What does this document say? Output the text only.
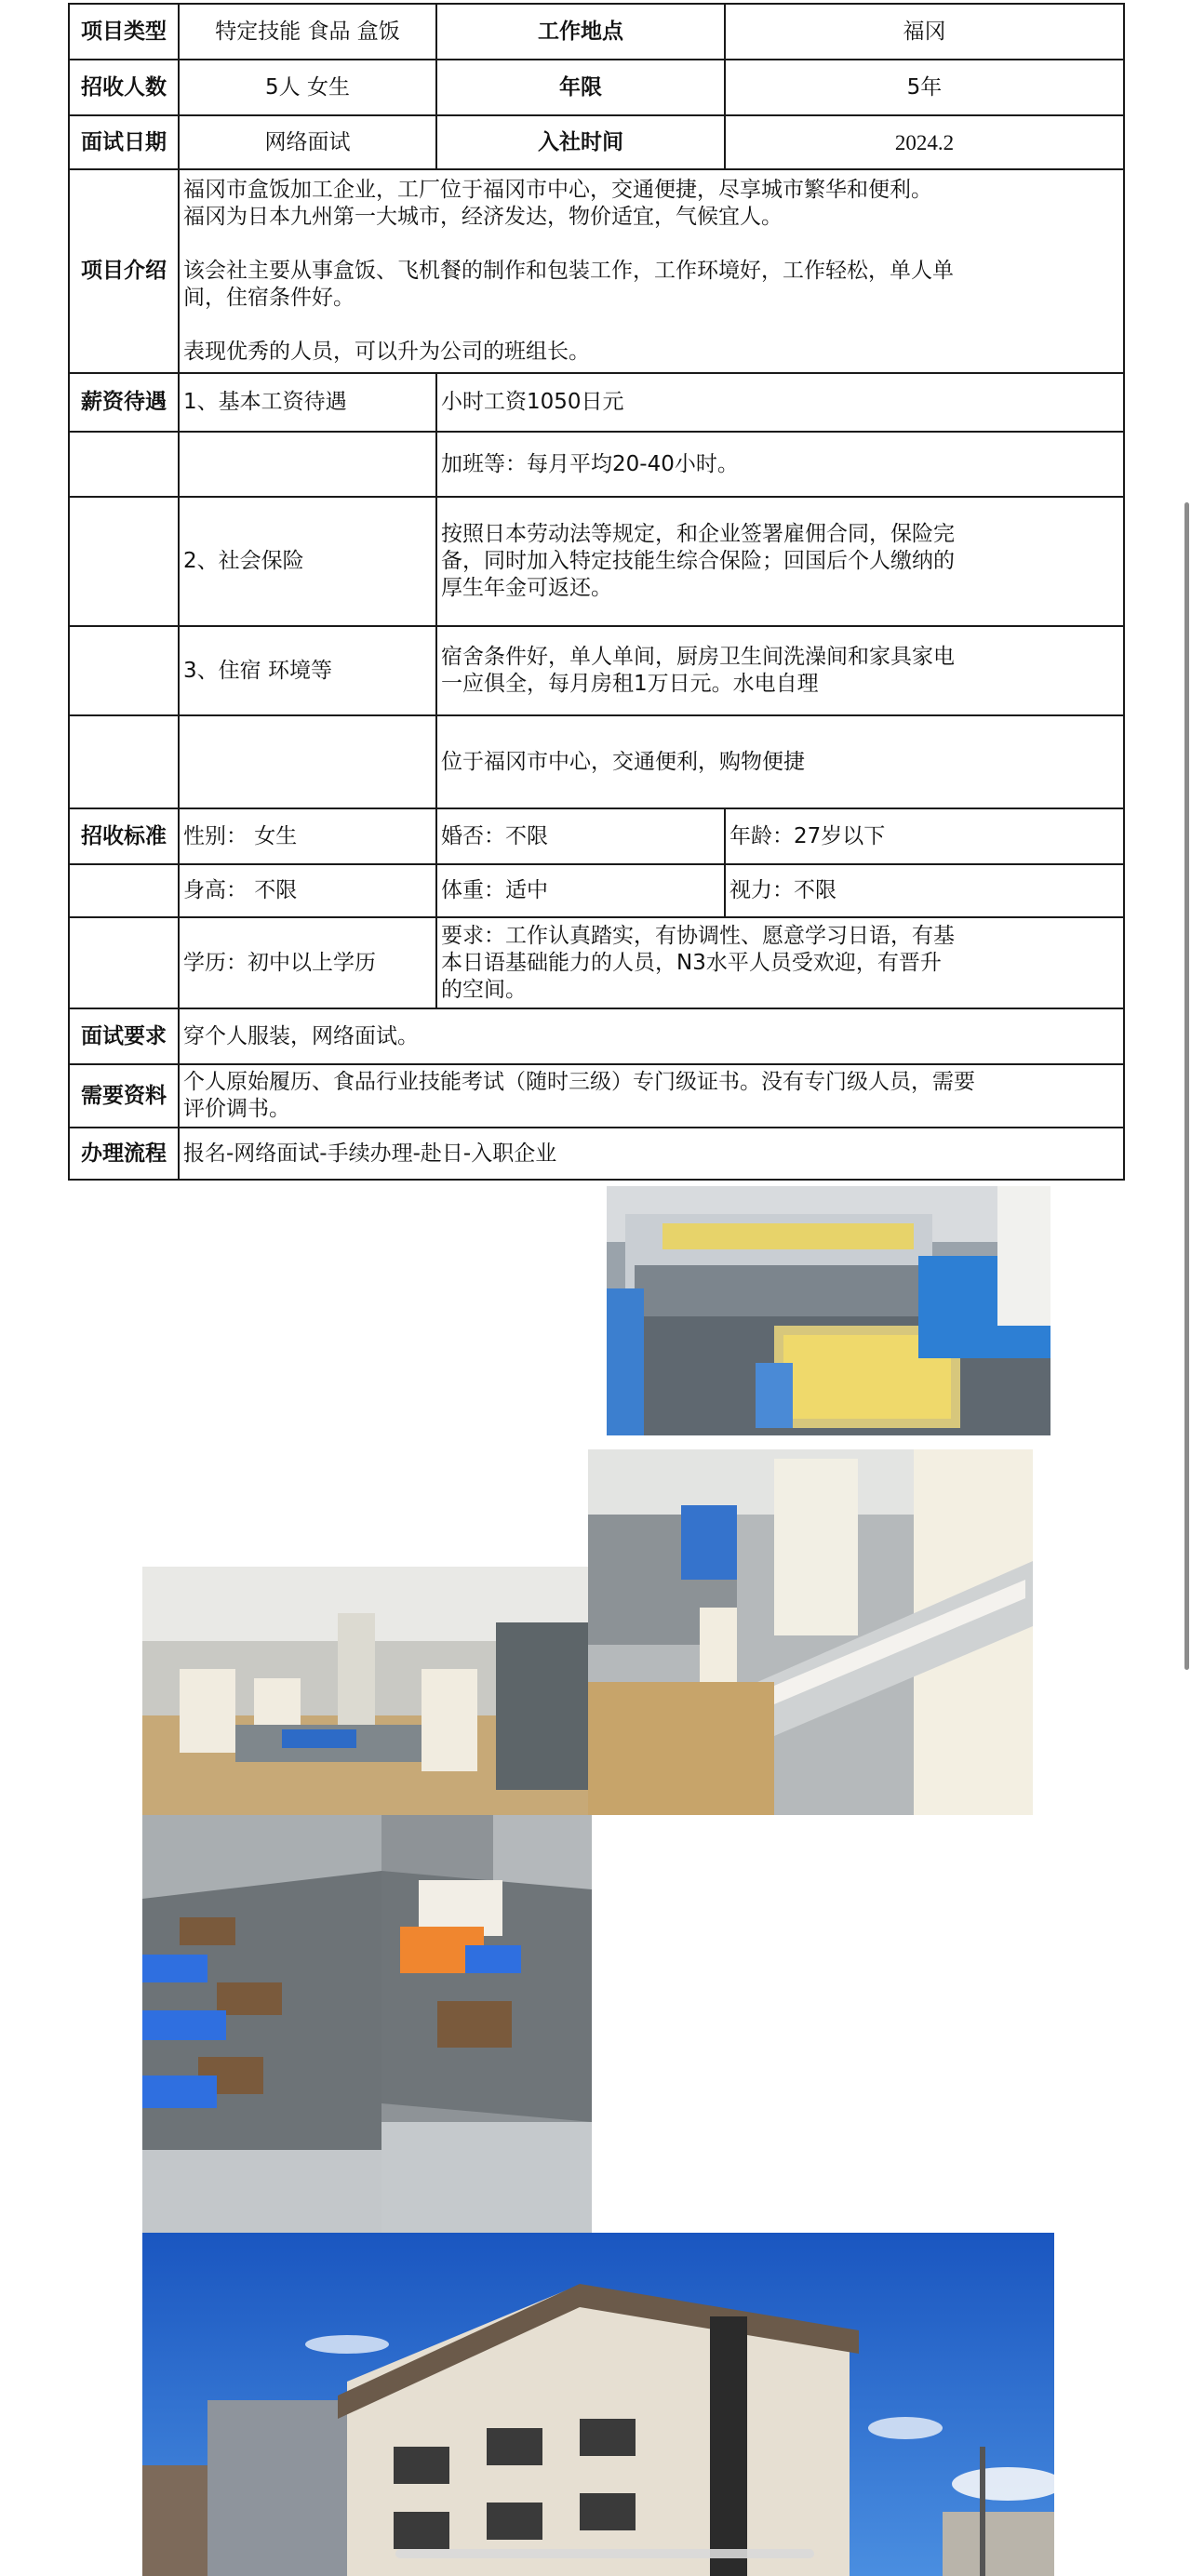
项目类型	特定技能 食品 盒饭	工作地点	福冈
招收人数	5人 女生	年限	5年
面试日期	网络面试	入社时间	2024.2
项目介绍	福冈市盒饭加工企业，工厂位于福冈市中心，交通便捷，尽享城市繁华和便利。
福冈为日本九州第一大城市，经济发达，物价适宜，气候宜人。

该会社主要从事盒饭、飞机餐的制作和包装工作，工作环境好，工作轻松，单人单
间，住宿条件好。

表现优秀的人员，可以升为公司的班组长。		
薪资待遇	1、基本工资待遇	小时工资1050日元	
		加班等：每月平均20-40小时。	
	2、社会保险	按照日本劳动法等规定，和企业签署雇佣合同，保险完
备，同时加入特定技能生综合保险；回国后个人缴纳的
厚生年金可返还。	
	3、住宿 环境等	宿舍条件好，单人单间，厨房卫生间洗澡间和家具家电
一应俱全，每月房租1万日元。水电自理	
		位于福冈市中心，交通便利，购物便捷	
招收标准	性别： 女生	婚否：不限	年龄：27岁以下
	身高： 不限	体重：适中	视力：不限
	学历：初中以上学历	要求：工作认真踏实，有协调性、愿意学习日语，有基
本日语基础能力的人员，N3水平人员受欢迎，有晋升
的空间。	
面试要求	穿个人服装，网络面试。		
需要资料	个人原始履历、食品行业技能考试（随时三级）专门级证书。没有专门级人员，需要
评价调书。		
办理流程	报名-网络面试-手续办理-赴日-入职企业		
